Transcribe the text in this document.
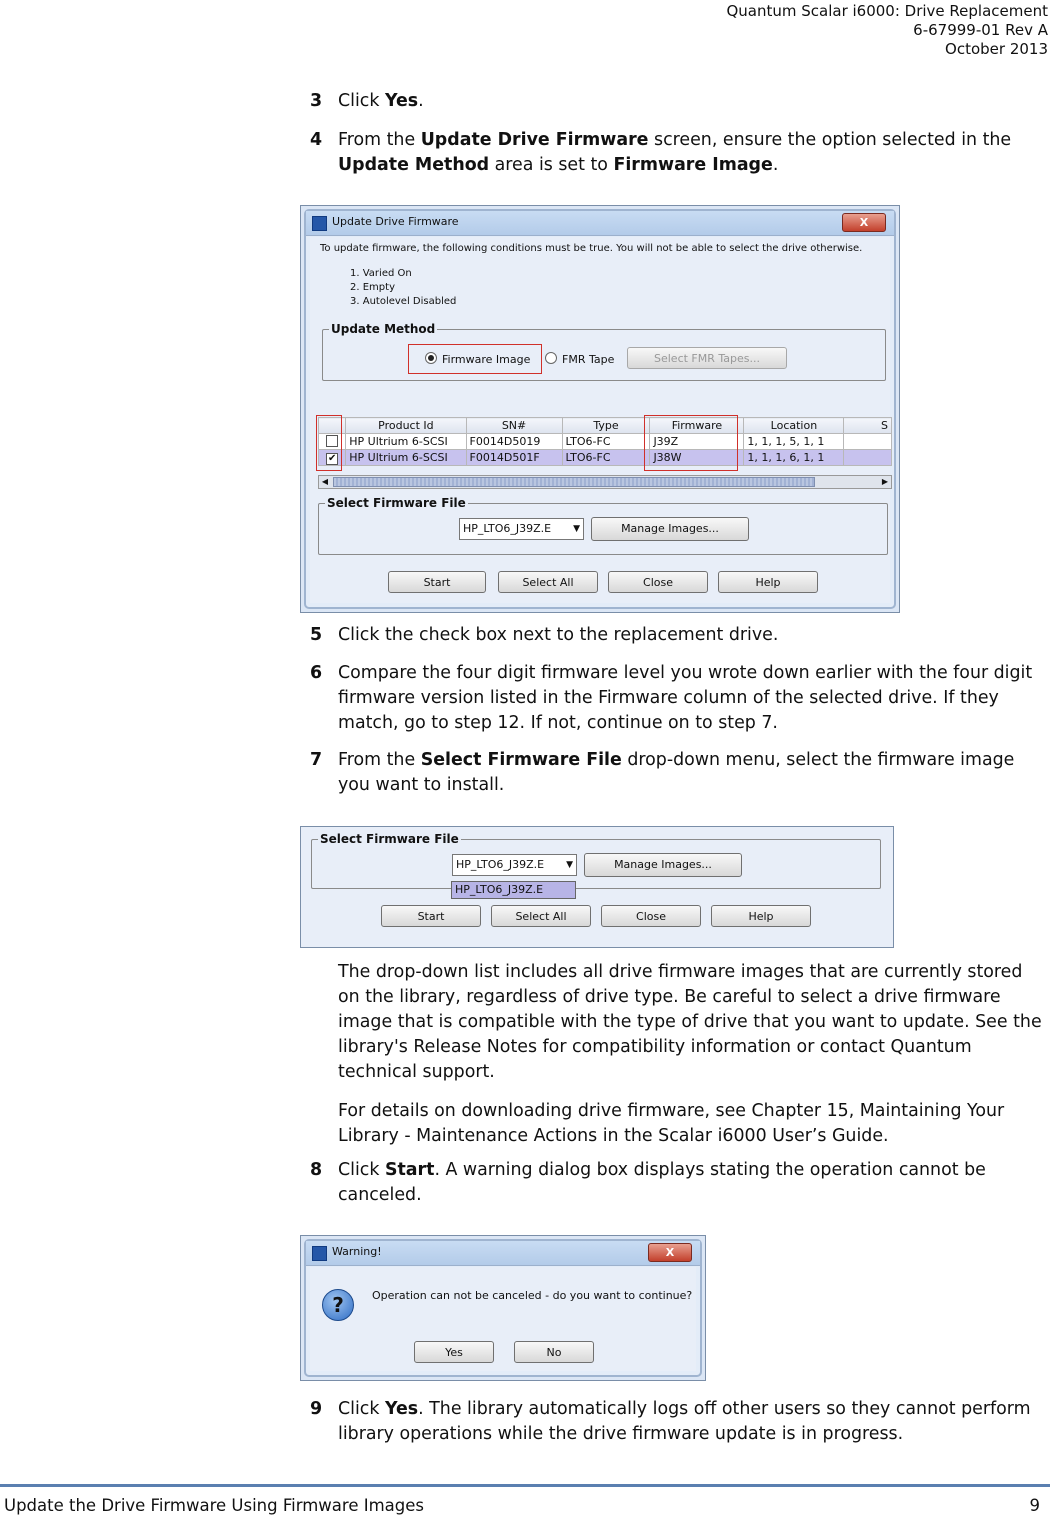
Quantum Scalar i6000: Drive Replacement
6-67999-01 Rev A
October 2013
3 Click Yes.
4 From the Update Drive Firmware screen, ensure the option selected in the Update Method area is set to Firmware Image.
Update Drive Firmware	X
To update firmware, the following conditions must be true. You will not be able to select the drive otherwise.
1. Varied On
2. Empty
3. Autolevel Disabled
Update Method
Firmware Image	FMR Tape	Select FMR Tapes...
	Product Id	SN#	Type	Firmware	Location	S
	HP Ultrium 6-SCSI	F0014D5019	LTO6-FC	J39Z	1, 1, 1, 5, 1, 1	
✔	HP Ultrium 6-SCSI	F0014D501F	LTO6-FC	J38W	1, 1, 1, 6, 1, 1	
◀	▶
Select Firmware File
HP_LTO6_J39Z.E ▼	Manage Images...
Start	Select All	Close	Help
5 Click the check box next to the replacement drive.
6 Compare the four digit firmware level you wrote down earlier with the four digit firmware version listed in the Firmware column of the selected drive. If they match, go to step 12. If not, continue on to step 7.
7 From the Select Firmware File drop-down menu, select the firmware image you want to install.
Select Firmware File
HP_LTO6_J39Z.E ▼	Manage Images...
HP_LTO6_J39Z.E
Start	Select All	Close	Help
The drop-down list includes all drive firmware images that are currently stored on the library, regardless of drive type. Be careful to select a drive firmware image that is compatible with the type of drive that you want to update. See the library's Release Notes for compatibility information or contact Quantum technical support.
For details on downloading drive firmware, see Chapter 15, Maintaining Your Library - Maintenance Actions in the Scalar i6000 User’s Guide.
8 Click Start. A warning dialog box displays stating the operation cannot be canceled.
Warning!	X
?	Operation can not be canceled - do you want to continue?
Yes	No
9 Click Yes. The library automatically logs off other users so they cannot perform library operations while the drive firmware update is in progress.
Update the Drive Firmware Using Firmware Images	9
